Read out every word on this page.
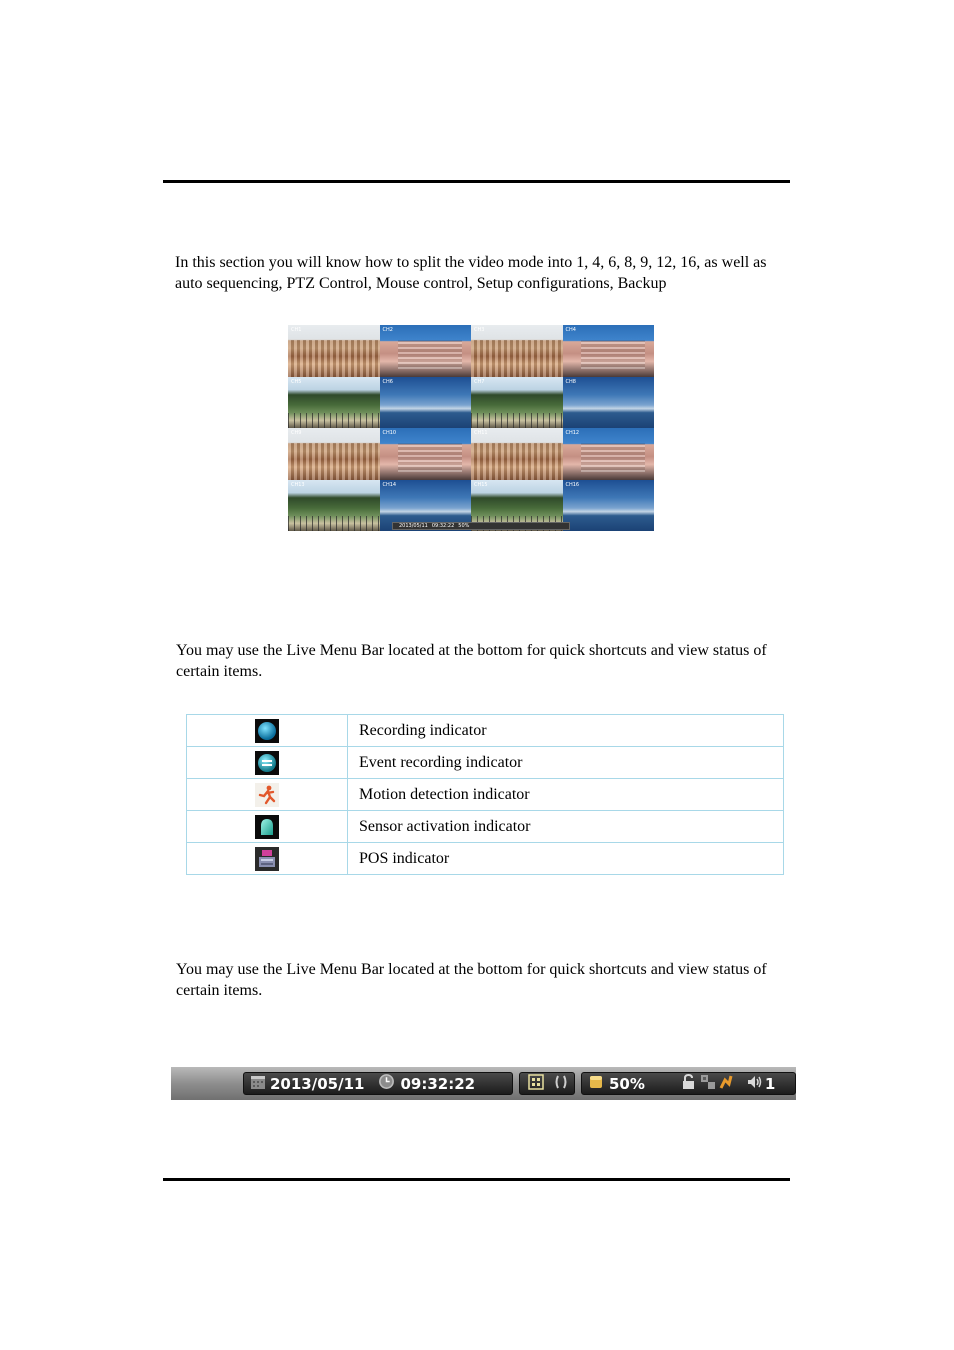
In this section you will know how to split the video mode into 1, 4, 6, 8, 9, 12, 16, as well as auto sequencing, PTZ Control, Mouse control, Setup configurations, Backup

CH1	CH2	CH3	CH4
CH5	CH6	CH7	CH8
CH9	CH10	CH11	CH12
CH13	CH14	CH15	CH16
2013/05/11 09:32:22 50%

You may use the Live Menu Bar located at the bottom for quick shortcuts and view status of certain items.

	Recording indicator
	Event recording indicator
	Motion detection indicator
	Sensor activation indicator
	POS indicator

You may use the Live Menu Bar located at the bottom for quick shortcuts and view status of certain items.

2013/05/11 09:32:22	50%	1
